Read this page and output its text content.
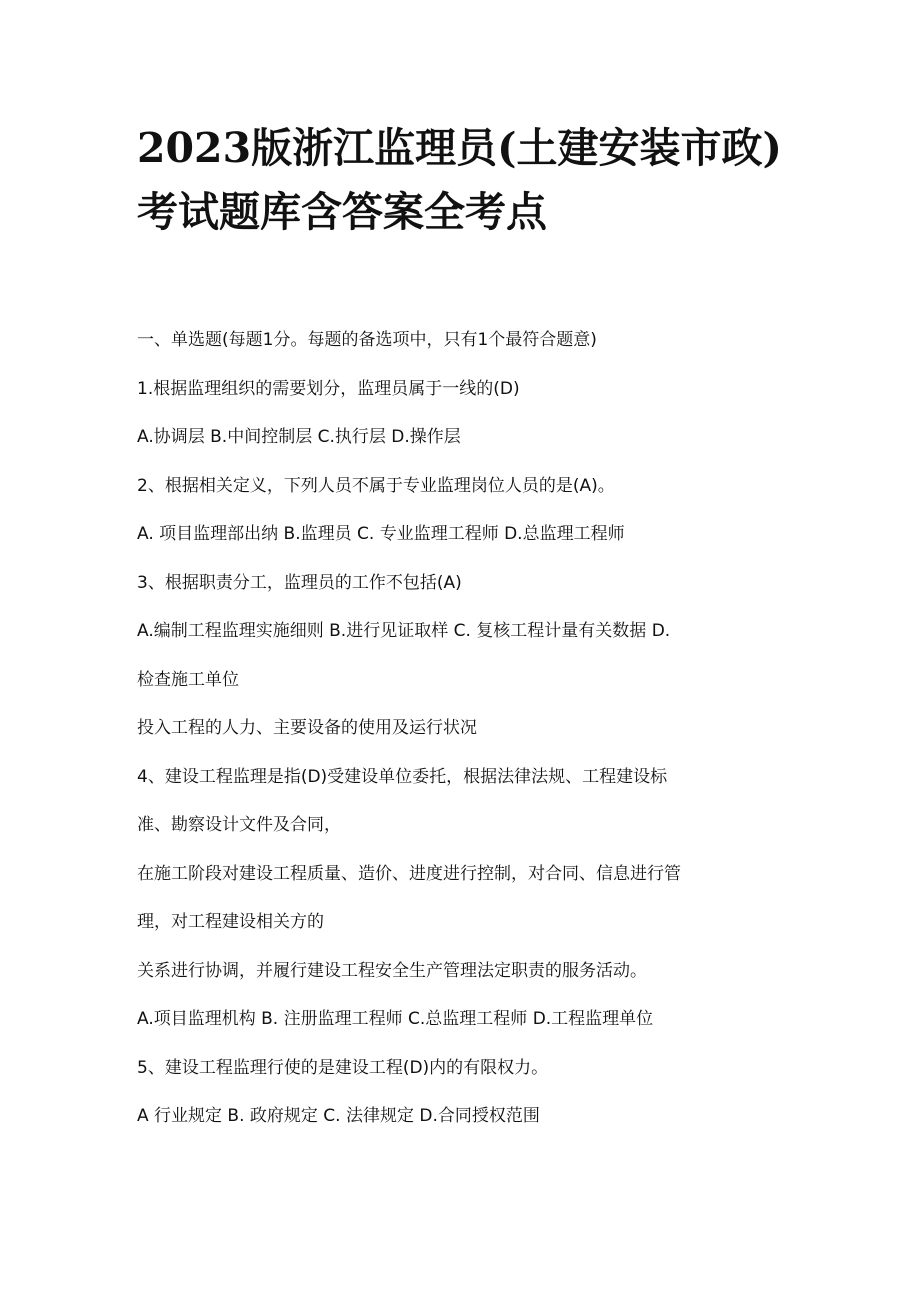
2023版浙江监理员(土建安装市政)
考试题库含答案全考点

一、单选题(每题1分。每题的备选项中，只有1个最符合题意)

1.根据监理组织的需要划分，监理员属于一线的(D)

A.协调层 B.中间控制层 C.执行层 D.操作层

2、根据相关定义，下列人员不属于专业监理岗位人员的是(A)。

A. 项目监理部出纳 B.监理员 C. 专业监理工程师 D.总监理工程师

3、根据职责分工，监理员的工作不包括(A)

A.编制工程监理实施细则 B.进行见证取样 C. 复核工程计量有关数据 D.

检查施工单位

投入工程的人力、主要设备的使用及运行状况

4、建设工程监理是指(D)受建设单位委托，根据法律法规、工程建设标

准、勘察设计文件及合同，

在施工阶段对建设工程质量、造价、进度进行控制，对合同、信息进行管

理，对工程建设相关方的

关系进行协调，并履行建设工程安全生产管理法定职责的服务活动。

A.项目监理机构 B. 注册监理工程师 C.总监理工程师 D.工程监理单位

5、建设工程监理行使的是建设工程(D)内的有限权力。

A 行业规定 B. 政府规定 C. 法律规定 D.合同授权范围
